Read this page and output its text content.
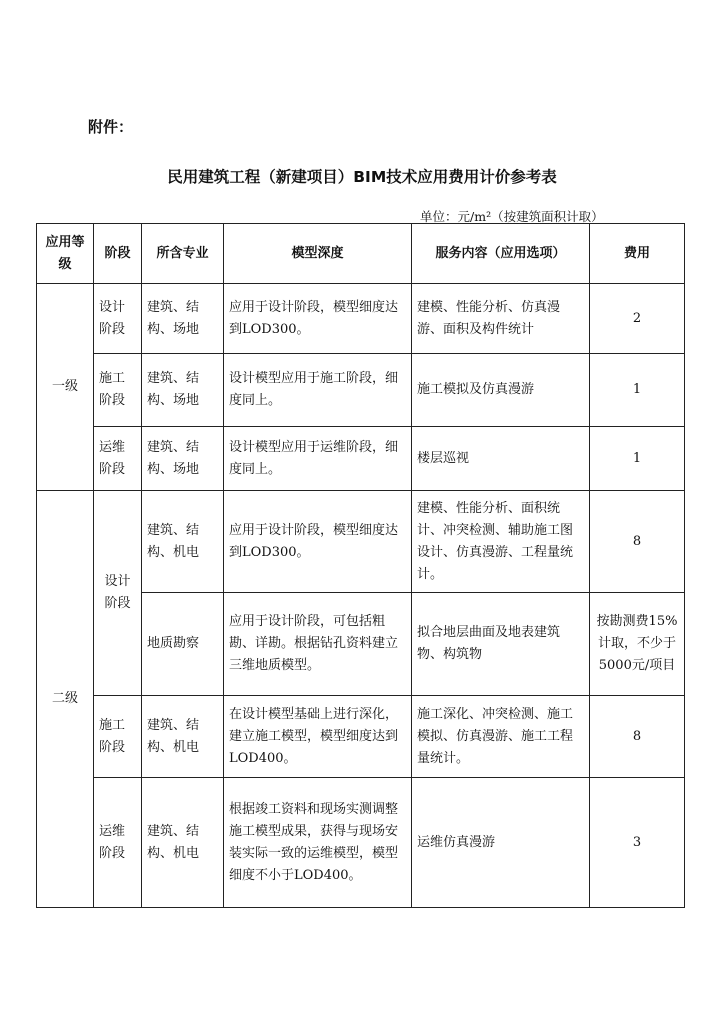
附件：
民用建筑工程（新建项目）BIM技术应用费用计价参考表
单位：元/m²（按建筑面积计取）
应用等级	阶段	所含专业	模型深度	服务内容（应用选项）	费用
一级	设计阶段	建筑、结构、场地	应用于设计阶段，模型细度达到LOD300。	建模、性能分析、仿真漫游、面积及构件统计	2
	施工阶段	建筑、结构、场地	设计模型应用于施工阶段，细度同上。	施工模拟及仿真漫游	1
	运维阶段	建筑、结构、场地	设计模型应用于运维阶段，细度同上。	楼层巡视	1
二级	设计阶段	建筑、结构、机电	应用于设计阶段，模型细度达到LOD300。	建模、性能分析、面积统计、冲突检测、辅助施工图设计、仿真漫游、工程量统计。	8
		地质勘察	应用于设计阶段，可包括粗勘、详勘。根据钻孔资料建立三维地质模型。	拟合地层曲面及地表建筑物、构筑物	按勘测费15%计取，不少于5000元/项目
	施工阶段	建筑、结构、机电	在设计模型基础上进行深化，建立施工模型，模型细度达到LOD400。	施工深化、冲突检测、施工模拟、仿真漫游、施工工程量统计。	8
	运维阶段	建筑、结构、机电	根据竣工资料和现场实测调整施工模型成果，获得与现场安装实际一致的运维模型，模型细度不小于LOD400。	运维仿真漫游	3
